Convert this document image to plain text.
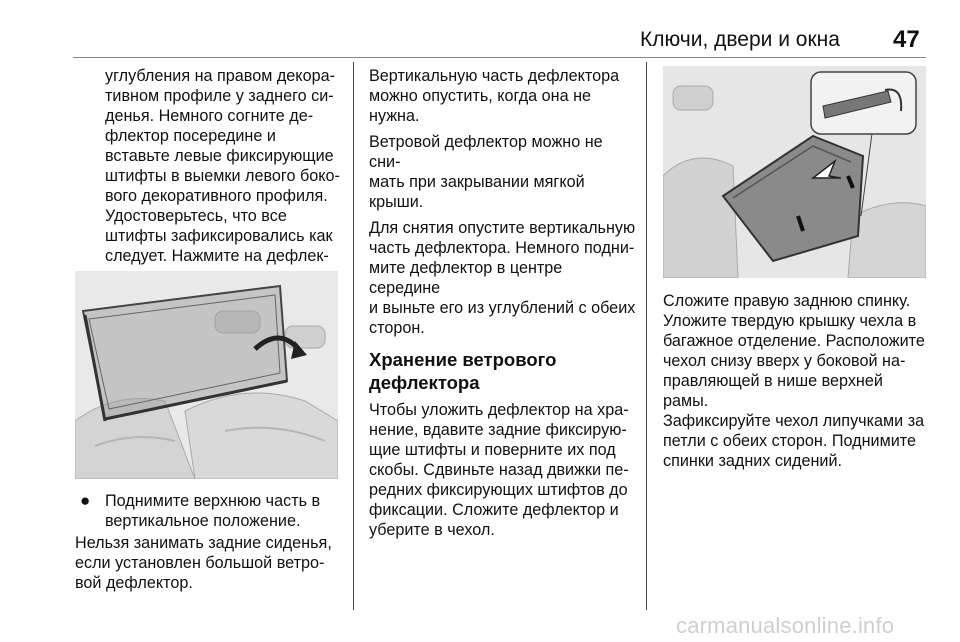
Ключи, двери и окна 47

углубления на правом декора-
тивном профиле у заднего си-
денья. Немного согните де-
флектор посередине и
вставьте левые фиксирующие
штифты в выемки левого боко-
вого декоративного профиля.
Удостоверьтесь, что все
штифты зафиксировались как
следует. Нажмите на дефлек-

● Поднимите верхнюю часть в
вертикальное положение.

Нельзя занимать задние сиденья,
если установлен большой ветро-
вой дефлектор.

Вертикальную часть дефлектора
можно опустить, когда она не
нужна.

Ветровой дефлектор можно не сни-
мать при закрывании мягкой
крыши.

Для снятия опустите вертикальную
часть дефлектора. Немного подни-
мите дефлектор в центре середине
и выньте его из углублений с обеих
сторон.

Хранение ветрового
дефлектора

Чтобы уложить дефлектор на хра-
нение, вдавите задние фиксирую-
щие штифты и поверните их под
скобы. Сдвиньте назад движки пе-
редних фиксирующих штифтов до
фиксации. Сложите дефлектор и
уберите в чехол.

Сложите правую заднюю спинку.
Уложите твердую крышку чехла в
багажное отделение. Расположите
чехол снизу вверх у боковой на-
правляющей в нише верхней рамы.
Зафиксируйте чехол липучками за
петли с обеих сторон. Поднимите
спинки задних сидений.

carmanualsonline.info
